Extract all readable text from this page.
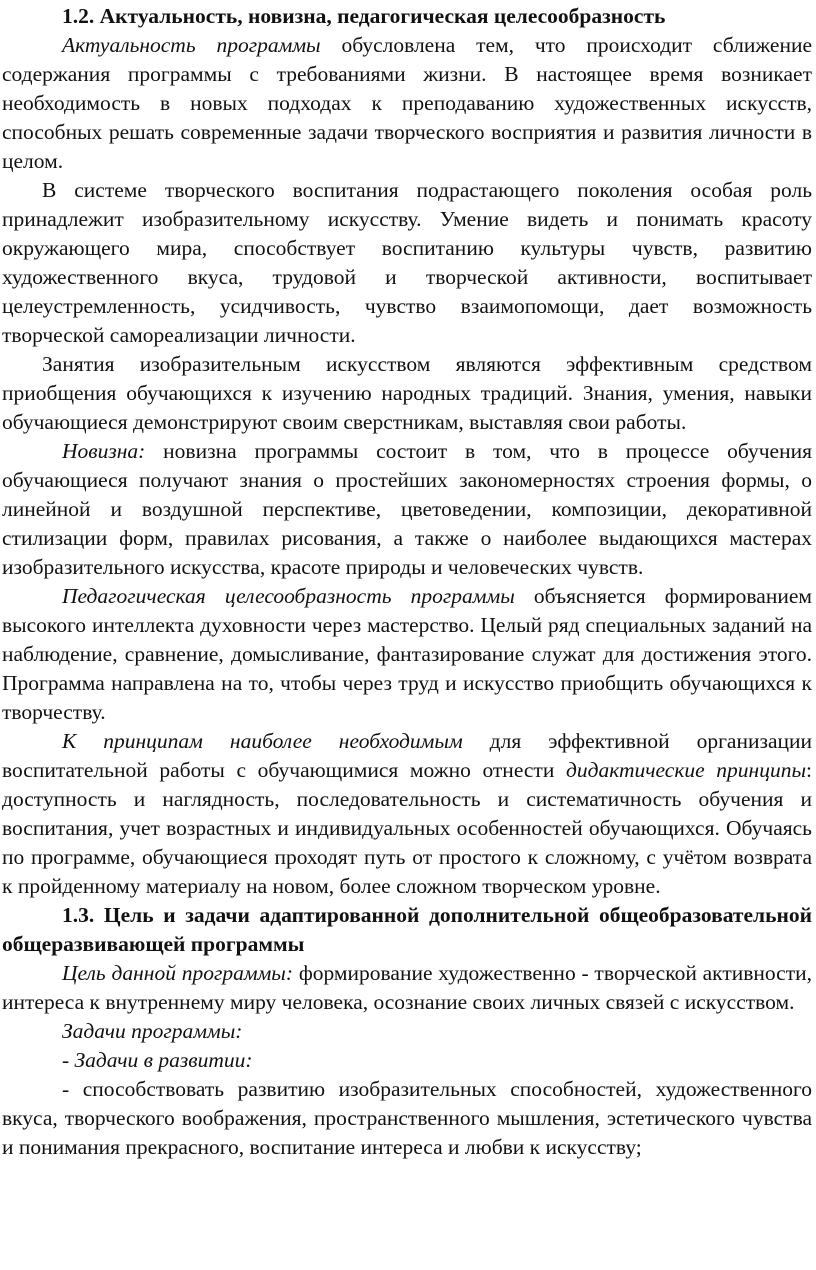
1.2. Актуальность, новизна, педагогическая целесообразность

Актуальность программы обусловлена тем, что происходит сближение содержания программы с требованиями жизни. В настоящее время возникает необходимость в новых подходах к преподаванию художественных искусств, способных решать современные задачи творческого восприятия и развития личности в целом.

В системе творческого воспитания подрастающего поколения особая роль принадлежит изобразительному искусству. Умение видеть и понимать красоту окружающего мира, способствует воспитанию культуры чувств, развитию художественного вкуса, трудовой и творческой активности, воспитывает целеустремленность, усидчивость, чувство взаимопомощи, дает возможность творческой самореализации личности.

Занятия изобразительным искусством являются эффективным средством приобщения обучающихся к изучению народных традиций. Знания, умения, навыки обучающиеся демонстрируют своим сверстникам, выставляя свои работы.

Новизна: новизна программы состоит в том, что в процессе обучения обучающиеся получают знания о простейших закономерностях строения формы, о линейной и воздушной перспективе, цветоведении, композиции, декоративной стилизации форм, правилах рисования, а также о наиболее выдающихся мастерах изобразительного искусства, красоте природы и человеческих чувств.

Педагогическая целесообразность программы объясняется формированием высокого интеллекта духовности через мастерство. Целый ряд специальных заданий на наблюдение, сравнение, домысливание, фантазирование служат для достижения этого. Программа направлена на то, чтобы через труд и искусство приобщить обучающихся к творчеству.

К принципам наиболее необходимым для эффективной организации воспитательной работы с обучающимися можно отнести дидактические принципы: доступность и наглядность, последовательность и систематичность обучения и воспитания, учет возрастных и индивидуальных особенностей обучающихся. Обучаясь по программе, обучающиеся проходят путь от простого к сложному, с учётом возврата к пройденному материалу на новом, более сложном творческом уровне.

1.3. Цель и задачи адаптированной дополнительной общеобразовательной общеразвивающей программы

Цель данной программы: формирование художественно - творческой активности, интереса к внутреннему миру человека, осознание своих личных связей с искусством.

Задачи программы:

- Задачи в развитии:

- способствовать развитию изобразительных способностей, художественного вкуса, творческого воображения, пространственного мышления, эстетического чувства и понимания прекрасного, воспитание интереса и любви к искусству;
